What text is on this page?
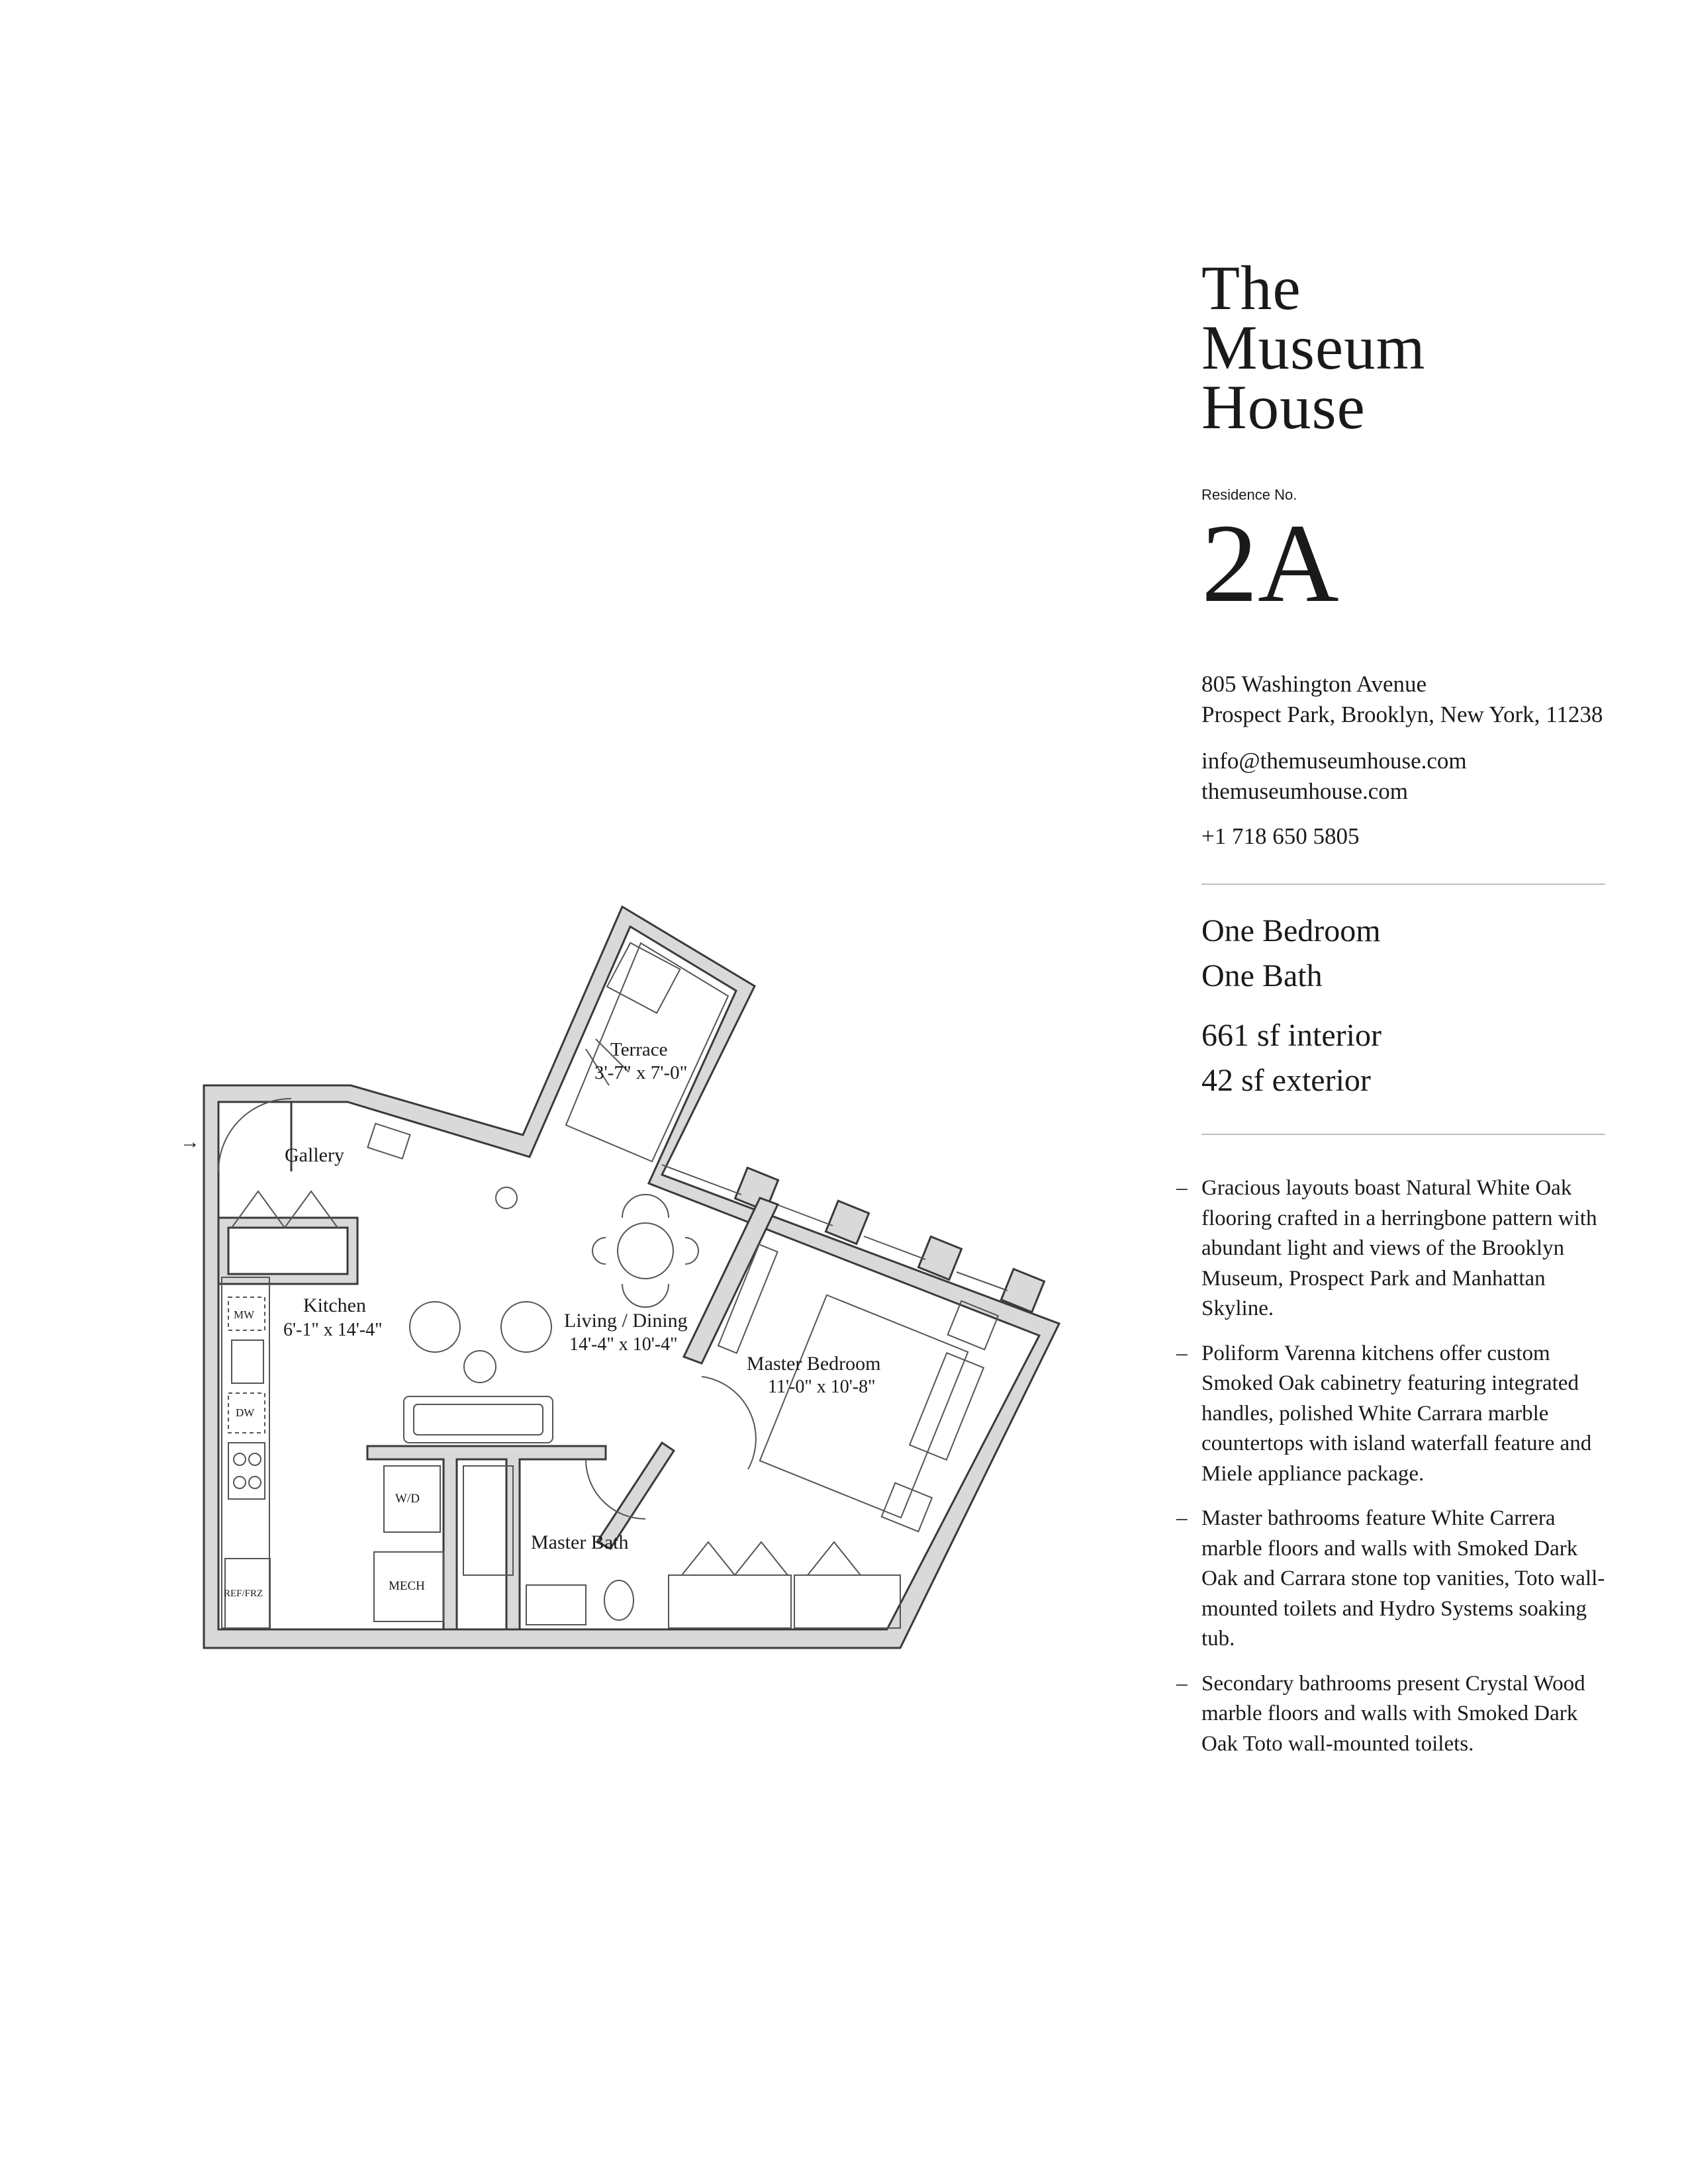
→
Terrace
3'-7" x 7'-0"
Gallery
Kitchen
6'-1" x 14'-4"	Living / Dining
14'-4" x 10'-4"
Master Bedroom
11'-0" x 10'-8"
Master Bath
MW
DW
W/D
MECH
REF/FRZ
The
Museum
House
Residence No.
2A
805 Washington Avenue
Prospect Park, Brooklyn, New York, 11238
info@themuseumhouse.com
themuseumhouse.com
+1 718 650 5805
One Bedroom
One Bath
661 sf interior
42 sf exterior
– Gracious layouts boast Natural White Oak flooring crafted in a herringbone pattern with abundant light and views of the Brooklyn Museum, Prospect Park and Manhattan Skyline.
– Poliform Varenna kitchens offer custom Smoked Oak cabinetry featuring integrated handles, polished White Carrara marble countertops with island waterfall feature and Miele appliance package.
– Master bathrooms feature White Carrera marble floors and walls with Smoked Dark Oak and Carrara stone top vanities, Toto wall-mounted toilets and Hydro Systems soaking tub.
– Secondary bathrooms present Crystal Wood marble floors and walls with Smoked Dark Oak Toto wall-mounted toilets.
